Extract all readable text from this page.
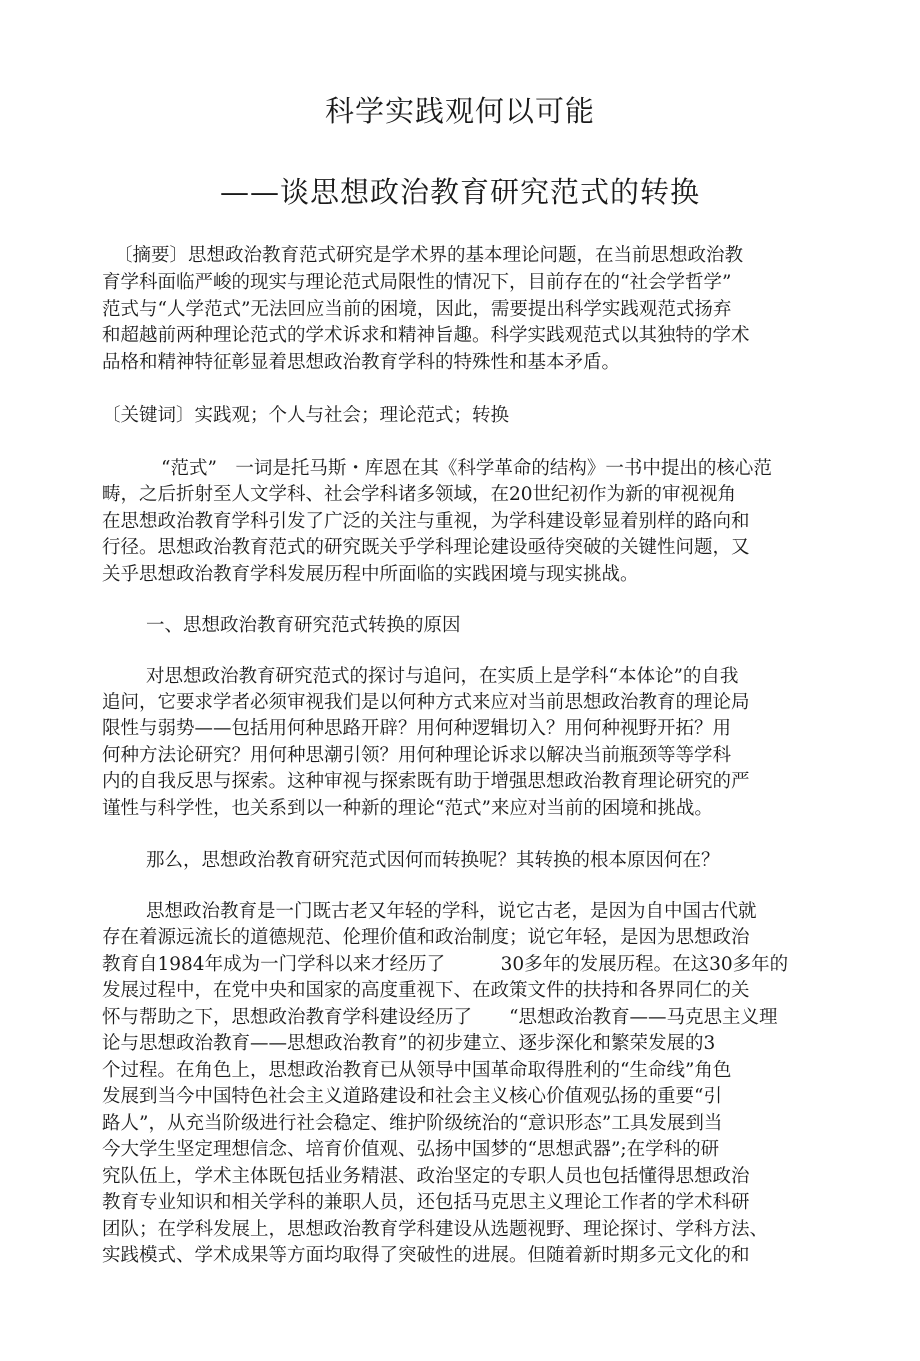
科学实践观何以可能
——谈思想政治教育研究范式的转换
〔摘要〕思想政治教育范式研究是学术界的基本理论问题，在当前思想政治教
育学科面临严峻的现实与理论范式局限性的情况下，目前存在的“社会学哲学”
范式与“人学范式”无法回应当前的困境，因此，需要提出科学实践观范式扬弃
和超越前两种理论范式的学术诉求和精神旨趣。科学实践观范式以其独特的学术
品格和精神特征彰显着思想政治教育学科的特殊性和基本矛盾。
〔关键词〕实践观；个人与社会；理论范式；转换
“范式”　一词是托马斯・库恩在其《科学革命的结构》一书中提出的核心范
畴，之后折射至人文学科、社会学科诸多领域，在20世纪初作为新的审视视角
在思想政治教育学科引发了广泛的关注与重视，为学科建设彰显着别样的路向和
行径。思想政治教育范式的研究既关乎学科理论建设亟待突破的关键性问题，又
关乎思想政治教育学科发展历程中所面临的实践困境与现实挑战。
一、思想政治教育研究范式转换的原因
对思想政治教育研究范式的探讨与追问，在实质上是学科“本体论”的自我
追问，它要求学者必须审视我们是以何种方式来应对当前思想政治教育的理论局
限性与弱势——包括用何种思路开辟？用何种逻辑切入？用何种视野开拓？用
何种方法论研究？用何种思潮引领？用何种理论诉求以解决当前瓶颈等等学科
内的自我反思与探索。这种审视与探索既有助于增强思想政治教育理论研究的严
谨性与科学性，也关系到以一种新的理论“范式”来应对当前的困境和挑战。
那么，思想政治教育研究范式因何而转换呢？其转换的根本原因何在？
思想政治教育是一门既古老又年轻的学科，说它古老，是因为自中国古代就
存在着源远流长的道德规范、伦理价值和政治制度；说它年轻，是因为思想政治
教育自1984年成为一门学科以来才经历了　　　30多年的发展历程。在这30多年的
发展过程中，在党中央和国家的高度重视下、在政策文件的扶持和各界同仁的关
怀与帮助之下，思想政治教育学科建设经历了　　“思想政治教育——马克思主义理
论与思想政治教育——思想政治教育”的初步建立、逐步深化和繁荣发展的3
个过程。在角色上，思想政治教育已从领导中国革命取得胜利的“生命线”角色
发展到当今中国特色社会主义道路建设和社会主义核心价值观弘扬的重要“引
路人”，从充当阶级进行社会稳定、维护阶级统治的“意识形态”工具发展到当
今大学生坚定理想信念、培育价值观、弘扬中国梦的“思想武器”;在学科的研
究队伍上，学术主体既包括业务精湛、政治坚定的专职人员也包括懂得思想政治
教育专业知识和相关学科的兼职人员，还包括马克思主义理论工作者的学术科研
团队；在学科发展上，思想政治教育学科建设从选题视野、理论探讨、学科方法、
实践模式、学术成果等方面均取得了突破性的进展。但随着新时期多元文化的和
